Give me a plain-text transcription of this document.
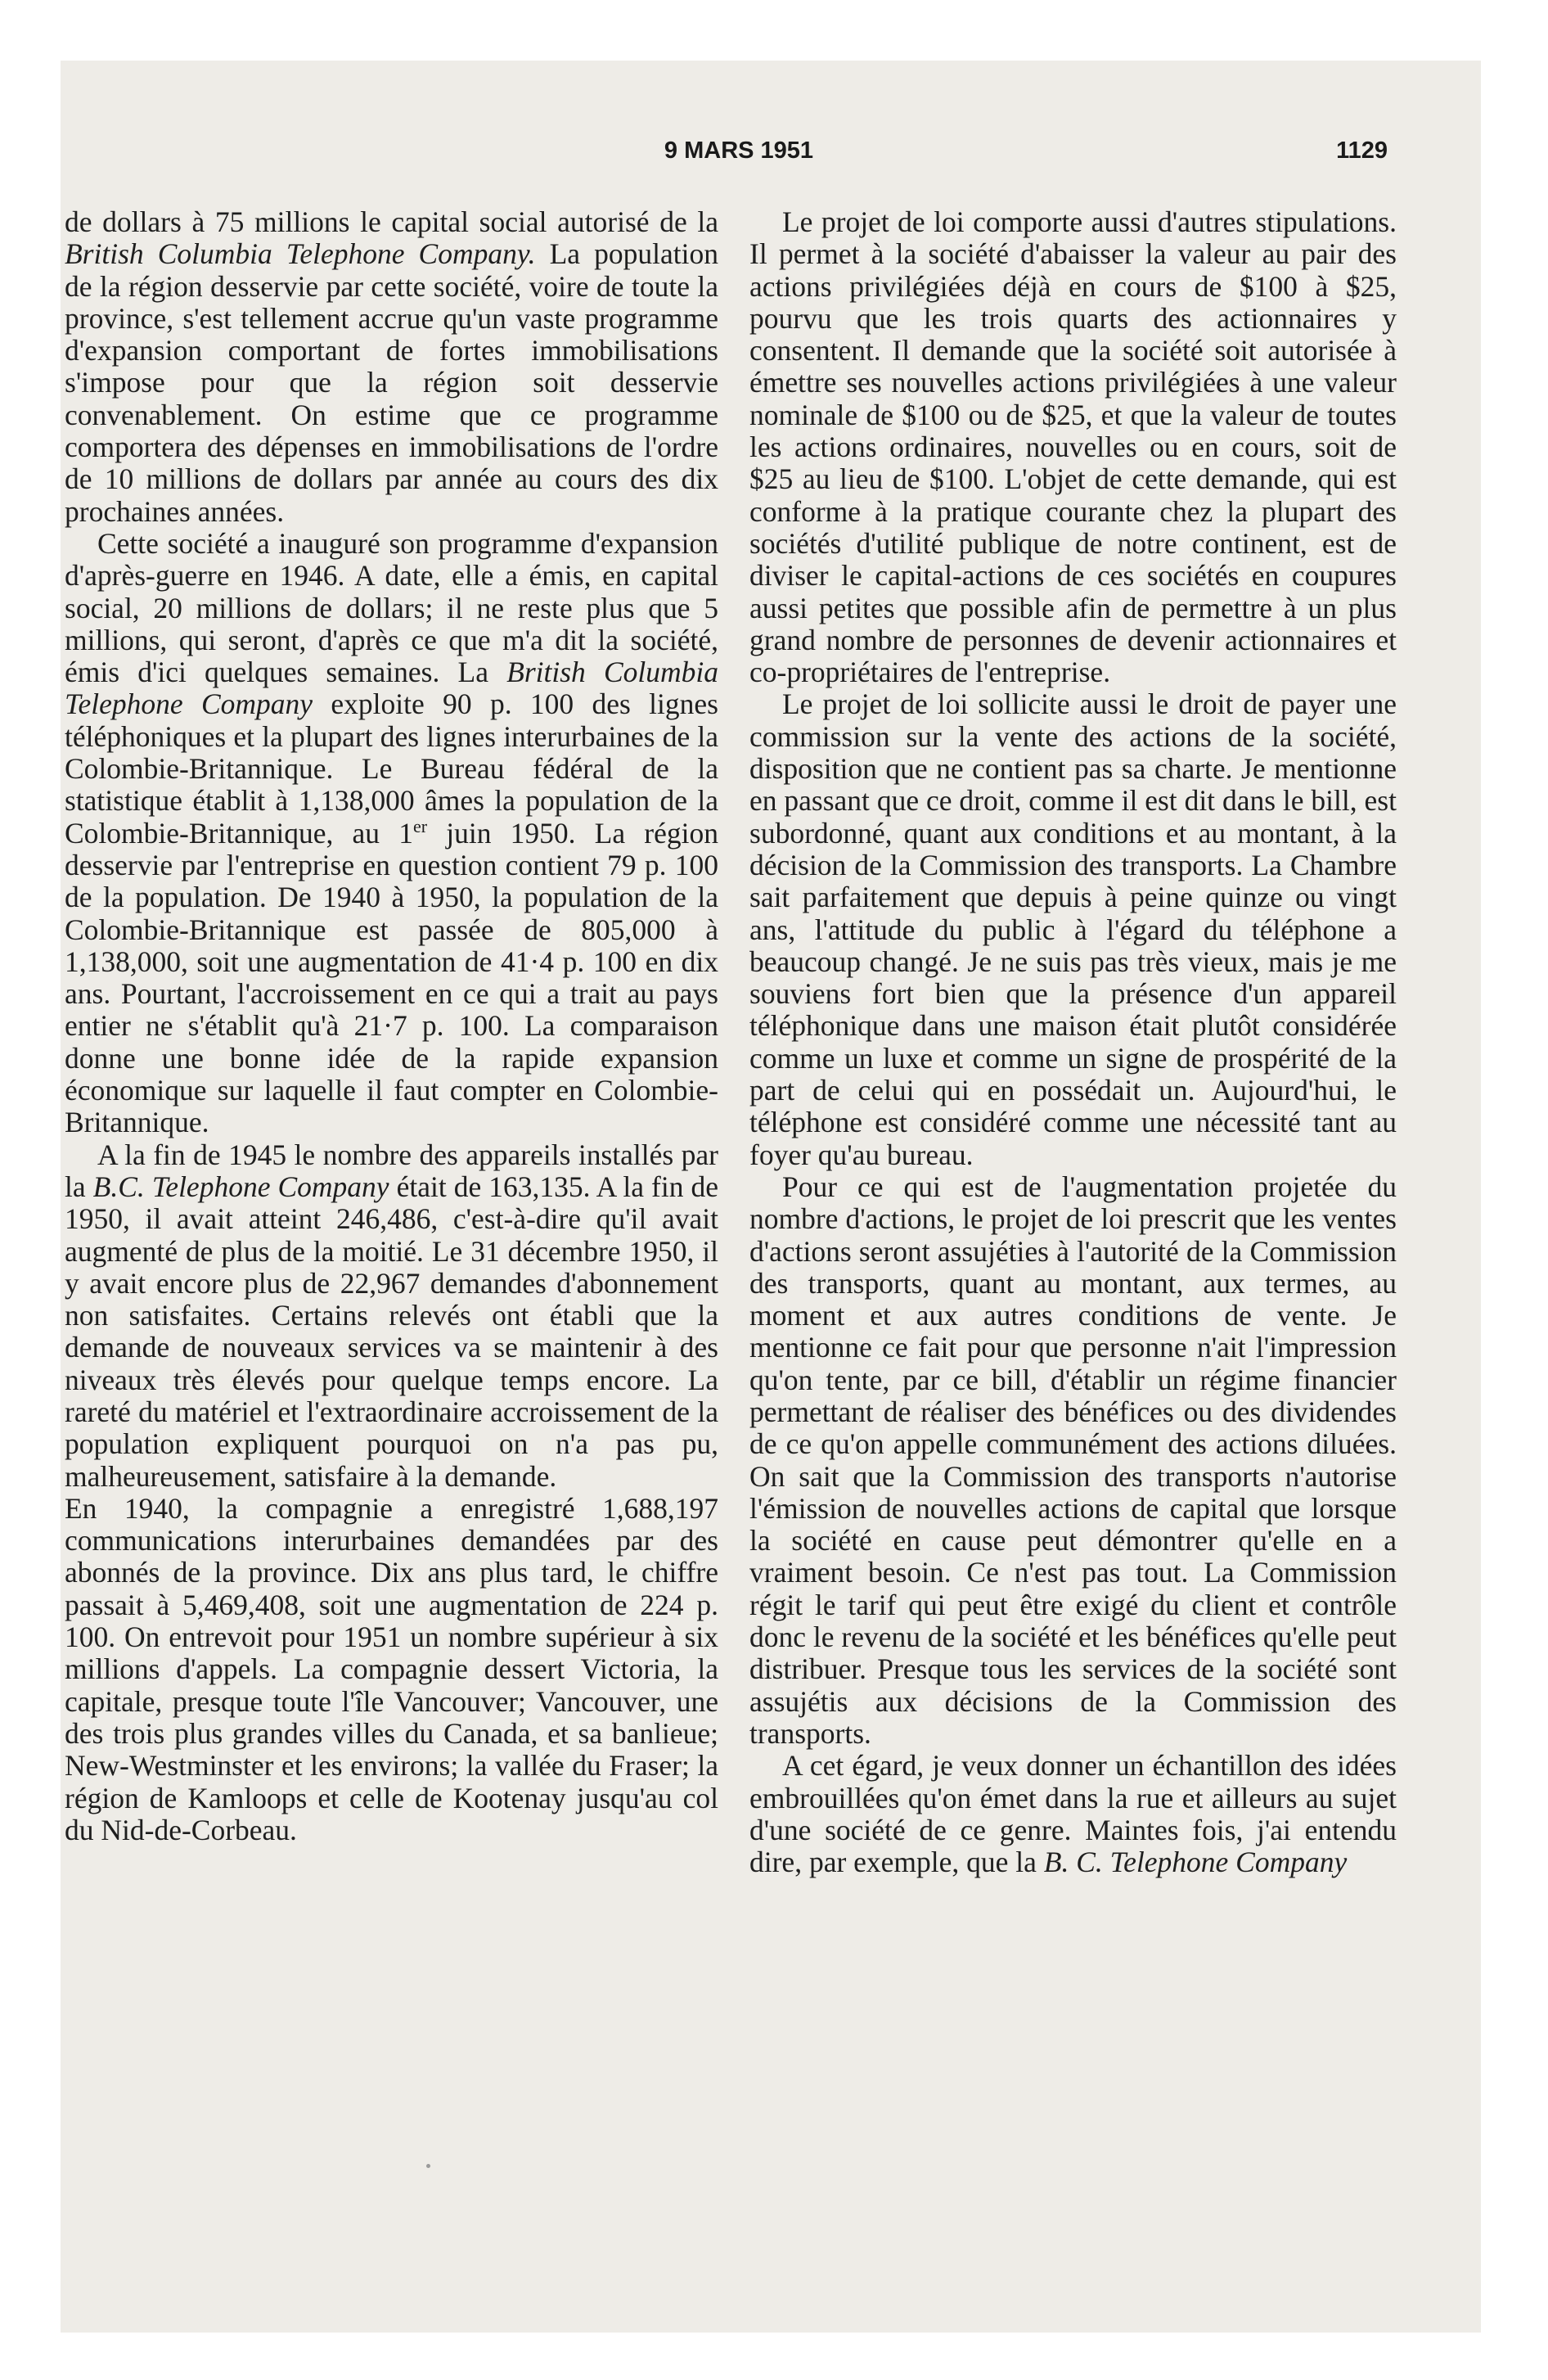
9 MARS 1951	1129

de dollars à 75 millions le capital social autorisé de la British Columbia Telephone Company. La population de la région desservie par cette société, voire de toute la province, s'est tellement accrue qu'un vaste programme d'expansion comportant de fortes immobilisations s'impose pour que la région soit desservie convenablement. On estime que ce programme comportera des dépenses en immobilisations de l'ordre de 10 millions de dollars par année au cours des dix prochaines années.

Cette société a inauguré son programme d'expansion d'après-guerre en 1946. A date, elle a émis, en capital social, 20 millions de dollars; il ne reste plus que 5 millions, qui seront, d'après ce que m'a dit la société, émis d'ici quelques semaines. La British Columbia Telephone Company exploite 90 p. 100 des lignes téléphoniques et la plupart des lignes interurbaines de la Colombie-Britannique. Le Bureau fédéral de la statistique établit à 1,138,000 âmes la population de la Colombie-Britannique, au 1er juin 1950. La région desservie par l'entreprise en question contient 79 p. 100 de la population. De 1940 à 1950, la population de la Colombie-Britannique est passée de 805,000 à 1,138,000, soit une augmentation de 41·4 p. 100 en dix ans. Pourtant, l'accroissement en ce qui a trait au pays entier ne s'établit qu'à 21·7 p. 100. La comparaison donne une bonne idée de la rapide expansion économique sur laquelle il faut compter en Colombie-Britannique.

A la fin de 1945 le nombre des appareils installés par la B.C. Telephone Company était de 163,135. A la fin de 1950, il avait atteint 246,486, c'est-à-dire qu'il avait augmenté de plus de la moitié. Le 31 décembre 1950, il y avait encore plus de 22,967 demandes d'abonnement non satisfaites. Certains relevés ont établi que la demande de nouveaux services va se maintenir à des niveaux très élevés pour quelque temps encore. La rareté du matériel et l'extraordinaire accroissement de la population expliquent pourquoi on n'a pas pu, malheureusement, satisfaire à la demande.

En 1940, la compagnie a enregistré 1,688,197 communications interurbaines demandées par des abonnés de la province. Dix ans plus tard, le chiffre passait à 5,469,408, soit une augmentation de 224 p. 100. On entrevoit pour 1951 un nombre supérieur à six millions d'appels. La compagnie dessert Victoria, la capitale, presque toute l'île Vancouver; Vancouver, une des trois plus grandes villes du Canada, et sa banlieue; New-Westminster et les environs; la vallée du Fraser; la région de Kamloops et celle de Kootenay jusqu'au col du Nid-de-Corbeau.

Le projet de loi comporte aussi d'autres stipulations. Il permet à la société d'abaisser la valeur au pair des actions privilégiées déjà en cours de $100 à $25, pourvu que les trois quarts des actionnaires y consentent. Il demande que la société soit autorisée à émettre ses nouvelles actions privilégiées à une valeur nominale de $100 ou de $25, et que la valeur de toutes les actions ordinaires, nouvelles ou en cours, soit de $25 au lieu de $100. L'objet de cette demande, qui est conforme à la pratique courante chez la plupart des sociétés d'utilité publique de notre continent, est de diviser le capital-actions de ces sociétés en coupures aussi petites que possible afin de permettre à un plus grand nombre de personnes de devenir actionnaires et co-propriétaires de l'entreprise.

Le projet de loi sollicite aussi le droit de payer une commission sur la vente des actions de la société, disposition que ne contient pas sa charte. Je mentionne en passant que ce droit, comme il est dit dans le bill, est subordonné, quant aux conditions et au montant, à la décision de la Commission des transports. La Chambre sait parfaitement que depuis à peine quinze ou vingt ans, l'attitude du public à l'égard du téléphone a beaucoup changé. Je ne suis pas très vieux, mais je me souviens fort bien que la présence d'un appareil téléphonique dans une maison était plutôt considérée comme un luxe et comme un signe de prospérité de la part de celui qui en possédait un. Aujourd'hui, le téléphone est considéré comme une nécessité tant au foyer qu'au bureau.

Pour ce qui est de l'augmentation projetée du nombre d'actions, le projet de loi prescrit que les ventes d'actions seront assujéties à l'autorité de la Commission des transports, quant au montant, aux termes, au moment et aux autres conditions de vente. Je mentionne ce fait pour que personne n'ait l'impression qu'on tente, par ce bill, d'établir un régime financier permettant de réaliser des bénéfices ou des dividendes de ce qu'on appelle communément des actions diluées. On sait que la Commission des transports n'autorise l'émission de nouvelles actions de capital que lorsque la société en cause peut démontrer qu'elle en a vraiment besoin. Ce n'est pas tout. La Commission régit le tarif qui peut être exigé du client et contrôle donc le revenu de la société et les bénéfices qu'elle peut distribuer. Presque tous les services de la société sont assujétis aux décisions de la Commission des transports.

A cet égard, je veux donner un échantillon des idées embrouillées qu'on émet dans la rue et ailleurs au sujet d'une société de ce genre. Maintes fois, j'ai entendu dire, par exemple, que la B. C. Telephone Company
